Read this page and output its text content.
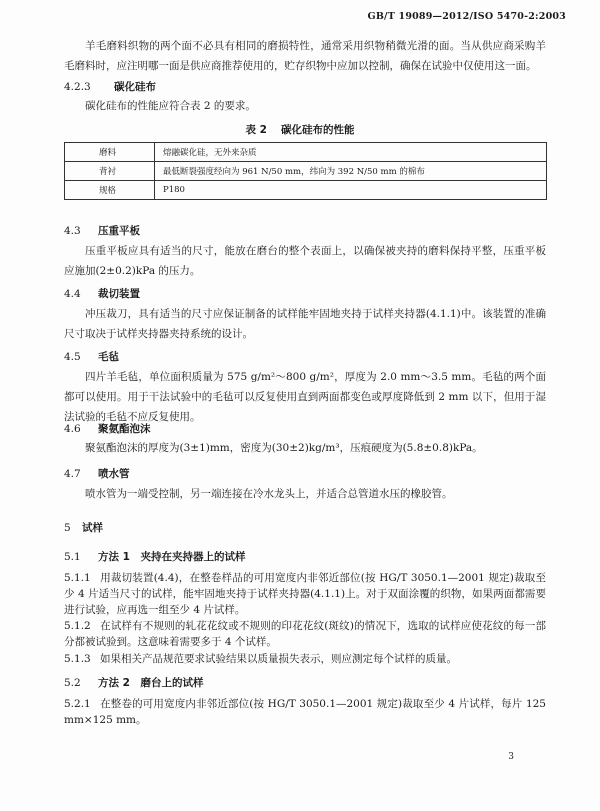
GB/T 19089—2012/ISO 5470-2:2003

羊毛磨料织物的两个面不必具有相同的磨损特性，通常采用织物稍微光滑的面。当从供应商采购羊毛磨料时，应注明哪一面是供应商推荐使用的，贮存织物中应加以控制，确保在试验中仅使用这一面。

4.2.3 碳化硅布

碳化硅布的性能应符合表 2 的要求。

表 2 碳化硅布的性能
磨料	熔融碳化硅，无外来杂质
背衬	最低断裂强度经向为 961 N/50 mm，纬向为 392 N/50 mm 的棉布
规格	P180
4.3 压重平板

压重平板应具有适当的尺寸，能放在磨台的整个表面上，以确保被夹持的磨料保持平整，压重平板应施加(2±0.2)kPa 的压力。

4.4 裁切装置

冲压裁刀，具有适当的尺寸应保证制备的试样能牢固地夹持于试样夹持器(4.1.1)中。该装置的准确尺寸取决于试样夹持器夹持系统的设计。

4.5 毛毡

四片羊毛毡，单位面积质量为 575 g/m²～800 g/m²，厚度为 2.0 mm～3.5 mm。毛毡的两个面都可以使用。用于干法试验中的毛毡可以反复使用直到两面都变色或厚度降低到 2 mm 以下，但用于湿法试验的毛毡不应反复使用。

4.6 聚氨酯泡沫

聚氨酯泡沫的厚度为(3±1)mm，密度为(30±2)kg/m³，压痕硬度为(5.8±0.8)kPa。

4.7 喷水管

喷水管为一端受控制，另一端连接在冷水龙头上，并适合总管道水压的橡胶管。

5 试样
5.1 方法 1　夹持在夹持器上的试样

5.1.1 用裁切装置(4.4)，在整卷样品的可用宽度内非邻近部位(按 HG/T 3050.1—2001 规定)裁取至少 4 片适当尺寸的试样，能牢固地夹持于试样夹持器(4.1.1)上。对于双面涂覆的织物，如果两面都需要进行试验，应再选一组至少 4 片试样。

5.1.2 在试样有不规则的轧花花纹或不规则的印花花纹(斑纹)的情况下，选取的试样应使花纹的每一部分都被试验到。这意味着需要多于 4 个试样。

5.1.3 如果相关产品规范要求试验结果以质量损失表示，则应测定每个试样的质量。

5.2 方法 2　磨台上的试样

5.2.1 在整卷的可用宽度内非邻近部位(按 HG/T 3050.1—2001 规定)裁取至少 4 片试样，每片 125 mm×125 mm。

3
